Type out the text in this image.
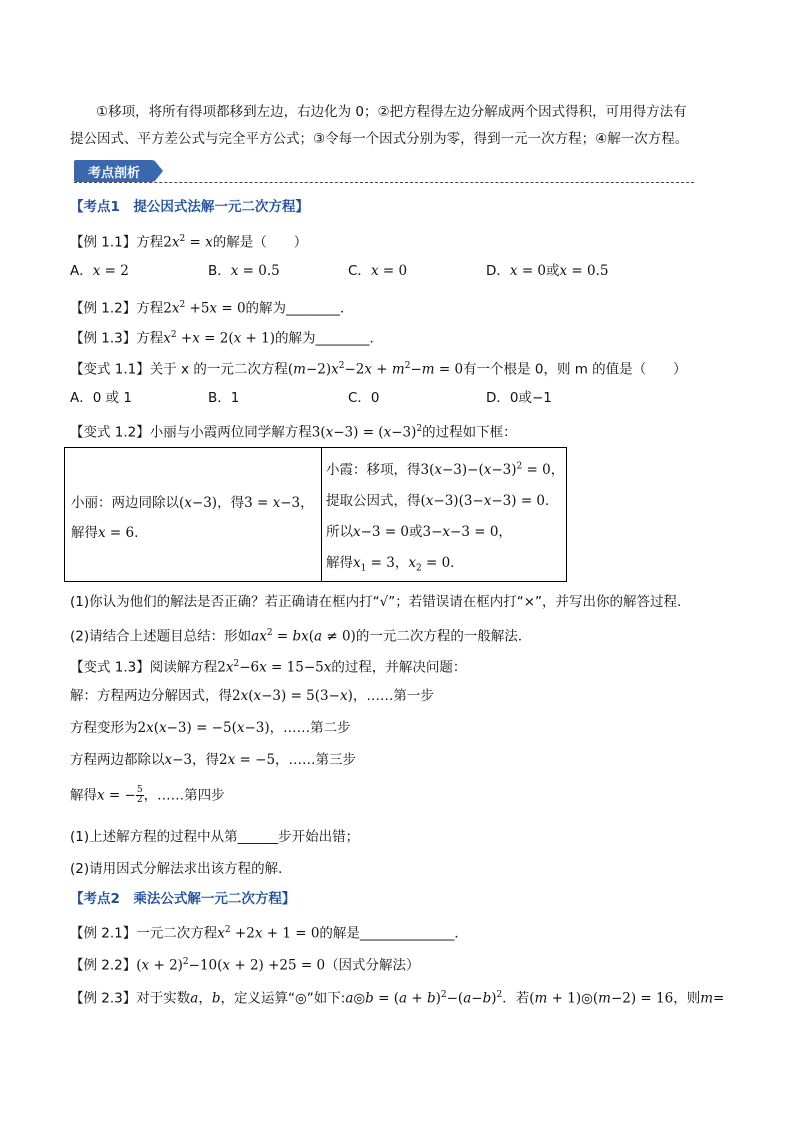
①移项，将所有得项都移到左边，右边化为 0；②把方程得左边分解成两个因式得积，可用得方法有
提公因式、平方差公式与完全平方公式；③令每一个因式分别为零，得到一元一次方程；④解一次方程。
考点剖析
【考点1　提公因式法解一元二次方程】
【例 1.1】方程$2x^2 = x$的解是（　　）
A．x = 2	B．x = 0.5	C．x = 0	D．x = 0或x = 0.5
【例 1.2】方程$2x^2 +5x = 0$的解为________．
【例 1.3】方程$x^2 +x = 2(x + 1)$的解为________．
【变式 1.1】关于 x 的一元二次方程$(m-2)x^2-2x + m^2-m = 0$有一个根是 0，则 m 的值是（　　）
A．0 或 1	B．1	C．0	D．0或−1
【变式 1.2】小丽与小霞两位同学解方程$3(x-3) = (x-3)^2$的过程如下框：

小丽：两边同除以(x−3)，得3 = x−3，
解得x = 6.
小霞：移项，得$3(x-3)-(x-3)^2 = 0$，
提取公因式，得(x−3)(3−x−3) = 0．
所以x−3 = 0或3−x−3 = 0，
解得$x_1 = 3$，$x_2 = 0$．
(1)你认为他们的解法是否正确？若正确请在框内打“√”；若错误请在框内打“×”，并写出你的解答过程．
(2)请结合上述题目总结：形如$ax^2 = bx(a \ne 0)$的一元二次方程的一般解法．
【变式 1.3】阅读解方程$2x^2-6x = 15-5x$的过程，并解决问题：
解：方程两边分解因式，得2x(x−3) = 5(3−x)，……第一步
方程变形为2x(x−3) = −5(x−3)，……第二步
方程两边都除以x−3，得2x = −5，……第三步
解得x = − $\frac{5}{2}$ ，……第四步
(1)上述解方程的过程中从第______步开始出错；
(2)请用因式分解法求出该方程的解．
【考点2　乘法公式解一元二次方程】
【例 2.1】一元二次方程$x^2 +2x + 1 = 0$的解是______________．
【例 2.2】$(x + 2)^2-10(x + 2) +25 = 0$（因式分解法）
【例 2.3】对于实数a，b，定义运算“◎”如下:a◎b = $(a + b)^2-(a-b)^2$．若(m + 1)◎(m−2) = 16，则m=
